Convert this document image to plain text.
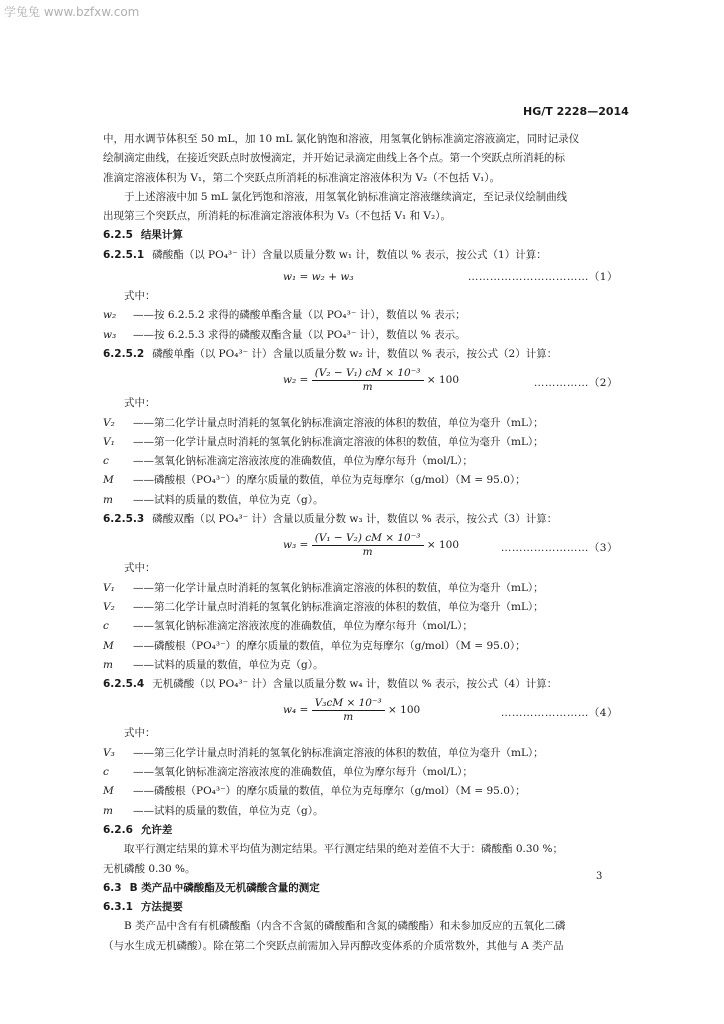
学兔兔 www.bzfxw.com
HG/T 2228—2014
中，用水调节体积至 50 mL，加 10 mL 氯化钠饱和溶液，用氢氧化钠标准滴定溶液滴定，同时记录仪
绘制滴定曲线，在接近突跃点时放慢滴定，并开始记录滴定曲线上各个点。第一个突跃点所消耗的标
准滴定溶液体积为 V₁，第二个突跃点所消耗的标准滴定溶液体积为 V₂（不包括 V₁）。
于上述溶液中加 5 mL 氯化钙饱和溶液，用氢氧化钠标准滴定溶液继续滴定，至记录仪绘制曲线
出现第三个突跃点，所消耗的标准滴定溶液体积为 V₃（不包括 V₁ 和 V₂）。
6.2.5 结果计算
6.2.5.1 磷酸酯（以 PO₄³⁻ 计）含量以质量分数 w₁ 计，数值以 % 表示，按公式（1）计算：
w₁ = w₂ + w₃	……………………………（1）
式中：
w₂ ——按 6.2.5.2 求得的磷酸单酯含量（以 PO₄³⁻ 计），数值以 % 表示；
w₃ ——按 6.2.5.3 求得的磷酸双酯含量（以 PO₄³⁻ 计），数值以 % 表示。
6.2.5.2 磷酸单酯（以 PO₄³⁻ 计）含量以质量分数 w₂ 计，数值以 % 表示，按公式（2）计算：
$w_2 = \frac{\text{(V₂ − V₁) cM × 10⁻³}}{m} \times 100$	……………（2）
式中：
V₂ ——第二化学计量点时消耗的氢氧化钠标准滴定溶液的体积的数值，单位为毫升（mL）；
V₁ ——第一化学计量点时消耗的氢氧化钠标准滴定溶液的体积的数值，单位为毫升（mL）；
c ——氢氧化钠标准滴定溶液浓度的准确数值，单位为摩尔每升（mol/L）；
M ——磷酸根（PO₄³⁻）的摩尔质量的数值，单位为克每摩尔（g/mol）（M = 95.0）；
m ——试料的质量的数值，单位为克（g）。
6.2.5.3 磷酸双酯（以 PO₄³⁻ 计）含量以质量分数 w₃ 计，数值以 % 表示，按公式（3）计算：
$w_3 = \frac{\text{(V₁ − V₂) cM × 10⁻³}}{m} \times 100$	……………………（3）
式中：
V₁ ——第一化学计量点时消耗的氢氧化钠标准滴定溶液的体积的数值，单位为毫升（mL）；
V₂ ——第二化学计量点时消耗的氢氧化钠标准滴定溶液的体积的数值，单位为毫升（mL）；
c ——氢氧化钠标准滴定溶液浓度的准确数值，单位为摩尔每升（mol/L）；
M ——磷酸根（PO₄³⁻）的摩尔质量的数值，单位为克每摩尔（g/mol）（M = 95.0）；
m ——试料的质量的数值，单位为克（g）。
6.2.5.4 无机磷酸（以 PO₄³⁻ 计）含量以质量分数 w₄ 计，数值以 % 表示，按公式（4）计算：
$w_4 = \frac{\text{V₃cM × 10⁻³}}{m} \times 100$	……………………（4）
式中：
V₃ ——第三化学计量点时消耗的氢氧化钠标准滴定溶液的体积的数值，单位为毫升（mL）；
c ——氢氧化钠标准滴定溶液浓度的准确数值，单位为摩尔每升（mol/L）；
M ——磷酸根（PO₄³⁻）的摩尔质量的数值，单位为克每摩尔（g/mol）（M = 95.0）；
m ——试料的质量的数值，单位为克（g）。
6.2.6 允许差
取平行测定结果的算术平均值为测定结果。平行测定结果的绝对差值不大于：磷酸酯 0.30 %；
无机磷酸 0.30 %。
6.3 B 类产品中磷酸酯及无机磷酸含量的测定
6.3.1 方法提要
B 类产品中含有有机磷酸酯（内含不含氮的磷酸酯和含氮的磷酸酯）和未参加反应的五氧化二磷
（与水生成无机磷酸）。除在第二个突跃点前需加入异丙醇改变体系的介质常数外，其他与 A 类产品
3
